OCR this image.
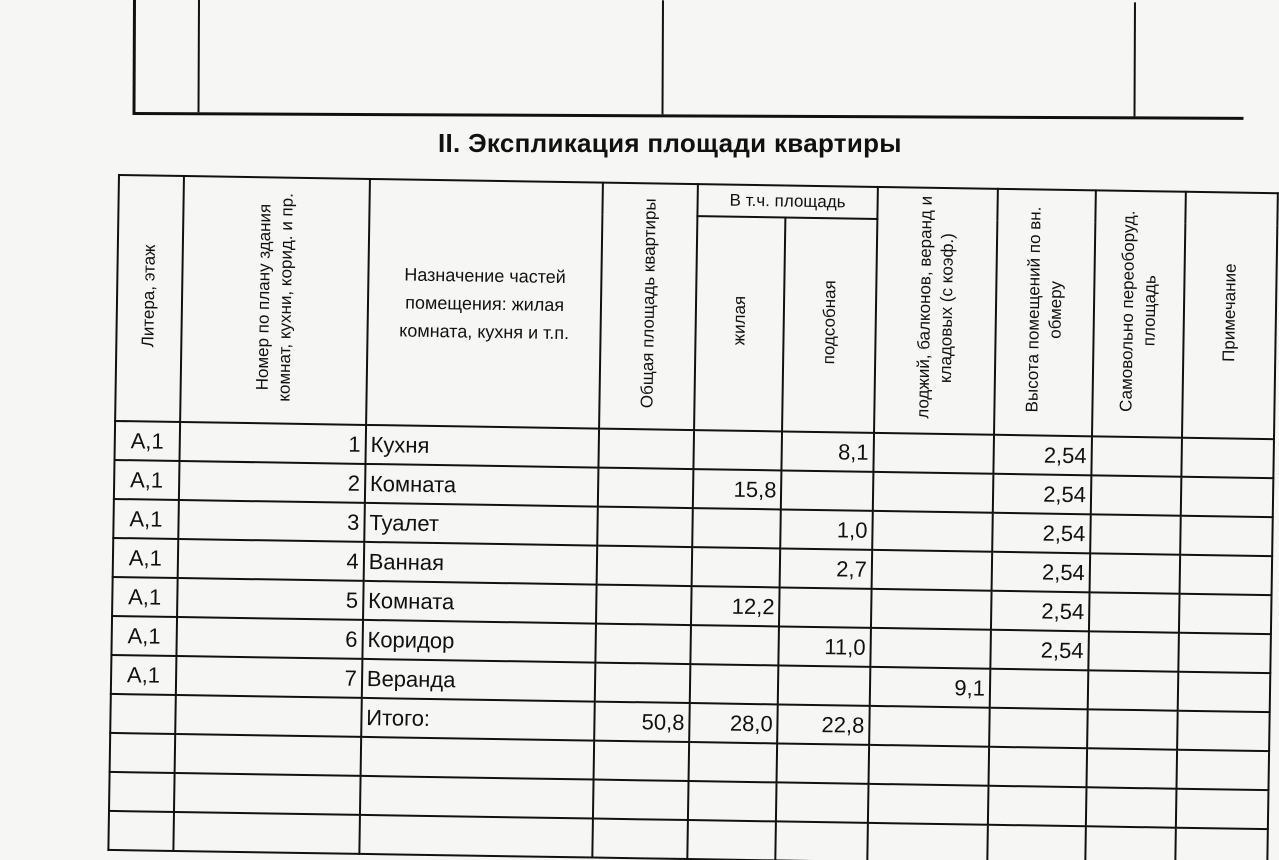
II. Экспликация площади квартиры
Литера, этаж	Номер по плану здания комнат, кухни, корид. и пр.	Назначение частей помещения: жилая комната, кухня и т.п.	Общая площадь квартиры	В т.ч. площадь		лоджий, балконов, веранд и кладовых (с коэф.)	Высота помещений по вн. обмеру	Самовольно переоборуд. площадь	Примечание
				жилая	подсобная				
А,1	1	Кухня			8,1		2,54		
А,1	2	Комната		15,8			2,54		
А,1	3	Туалет			1,0		2,54		
А,1	4	Ванная			2,7		2,54		
А,1	5	Комната		12,2			2,54		
А,1	6	Коридор			11,0		2,54		
А,1	7	Веранда				9,1			
		Итого:	50,8	28,0	22,8				
